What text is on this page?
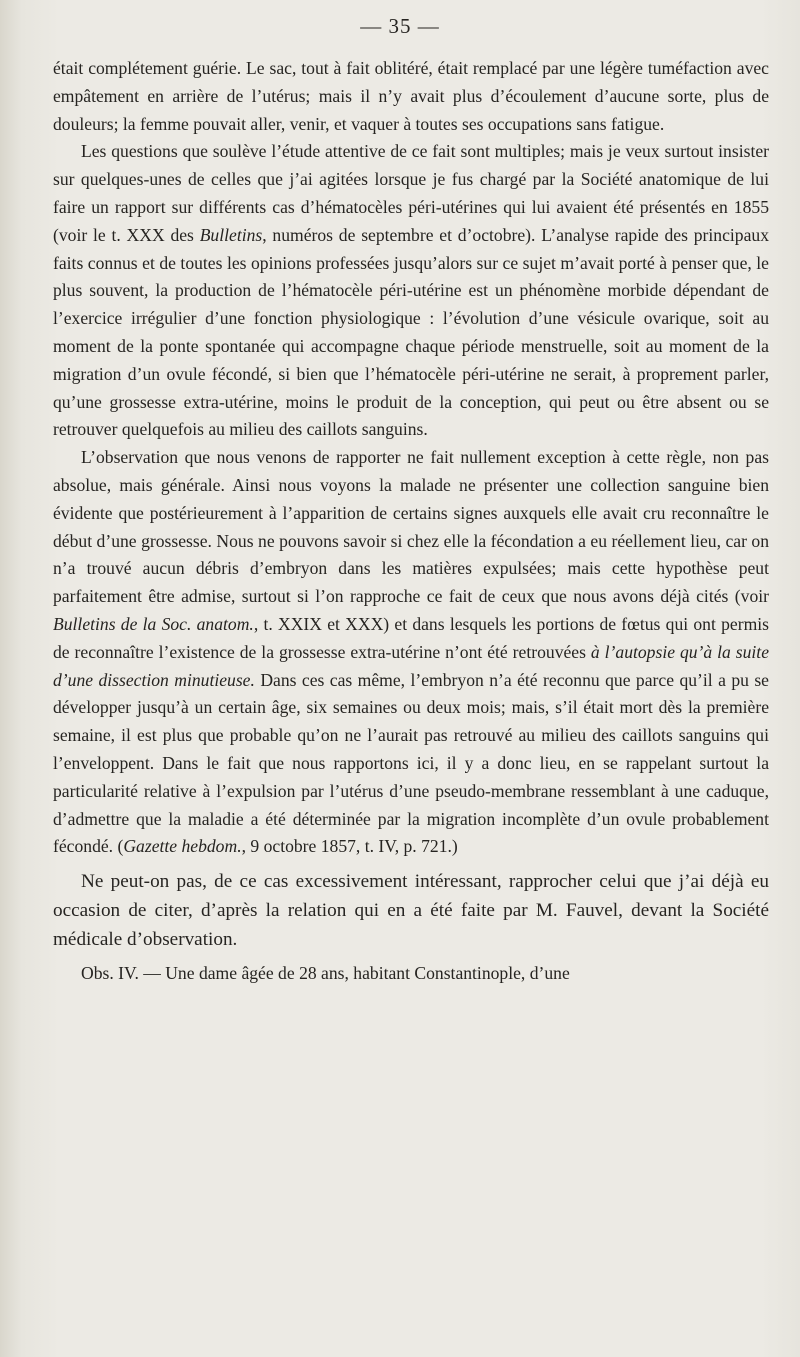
— 35 —

était complétement guérie. Le sac, tout à fait oblitéré, était remplacé par une légère tuméfaction avec empâtement en arrière de l’utérus; mais il n’y avait plus d’écoulement d’aucune sorte, plus de douleurs; la femme pouvait aller, venir, et vaquer à toutes ses occupations sans fatigue.

Les questions que soulève l’étude attentive de ce fait sont multiples; mais je veux surtout insister sur quelques-unes de celles que j’ai agitées lorsque je fus chargé par la Société anatomique de lui faire un rapport sur différents cas d’hématocèles péri-utérines qui lui avaient été présentés en 1855 (voir le t. XXX des Bulletins, numéros de septembre et d’octobre). L’analyse rapide des principaux faits connus et de toutes les opinions professées jusqu’alors sur ce sujet m’avait porté à penser que, le plus souvent, la production de l’hématocèle péri-utérine est un phénomène morbide dépendant de l’exercice irrégulier d’une fonction physiologique : l’évolution d’une vésicule ovarique, soit au moment de la ponte spontanée qui accompagne chaque période menstruelle, soit au moment de la migration d’un ovule fécondé, si bien que l’hématocèle péri-utérine ne serait, à proprement parler, qu’une grossesse extra-utérine, moins le produit de la conception, qui peut ou être absent ou se retrouver quelquefois au milieu des caillots sanguins.

L’observation que nous venons de rapporter ne fait nullement exception à cette règle, non pas absolue, mais générale. Ainsi nous voyons la malade ne présenter une collection sanguine bien évidente que postérieurement à l’apparition de certains signes auxquels elle avait cru reconnaître le début d’une grossesse. Nous ne pouvons savoir si chez elle la fécondation a eu réellement lieu, car on n’a trouvé aucun débris d’embryon dans les matières expulsées; mais cette hypothèse peut parfaitement être admise, surtout si l’on rapproche ce fait de ceux que nous avons déjà cités (voir Bulletins de la Soc. anatom., t. XXIX et XXX) et dans lesquels les portions de fœtus qui ont permis de reconnaître l’existence de la grossesse extra-utérine n’ont été retrouvées à l’autopsie qu’à la suite d’une dissection minutieuse. Dans ces cas même, l’embryon n’a été reconnu que parce qu’il a pu se développer jusqu’à un certain âge, six semaines ou deux mois; mais, s’il était mort dès la première semaine, il est plus que probable qu’on ne l’aurait pas retrouvé au milieu des caillots sanguins qui l’enveloppent. Dans le fait que nous rapportons ici, il y a donc lieu, en se rappelant surtout la particularité relative à l’expulsion par l’utérus d’une pseudo-membrane ressemblant à une caduque, d’admettre que la maladie a été déterminée par la migration incomplète d’un ovule probablement fécondé. (Gazette hebdom., 9 octobre 1857, t. IV, p. 721.)

Ne peut-on pas, de ce cas excessivement intéressant, rapprocher celui que j’ai déjà eu occasion de citer, d’après la relation qui en a été faite par M. Fauvel, devant la Société médicale d’observation.

Obs. IV. — Une dame âgée de 28 ans, habitant Constantinople, d’une
